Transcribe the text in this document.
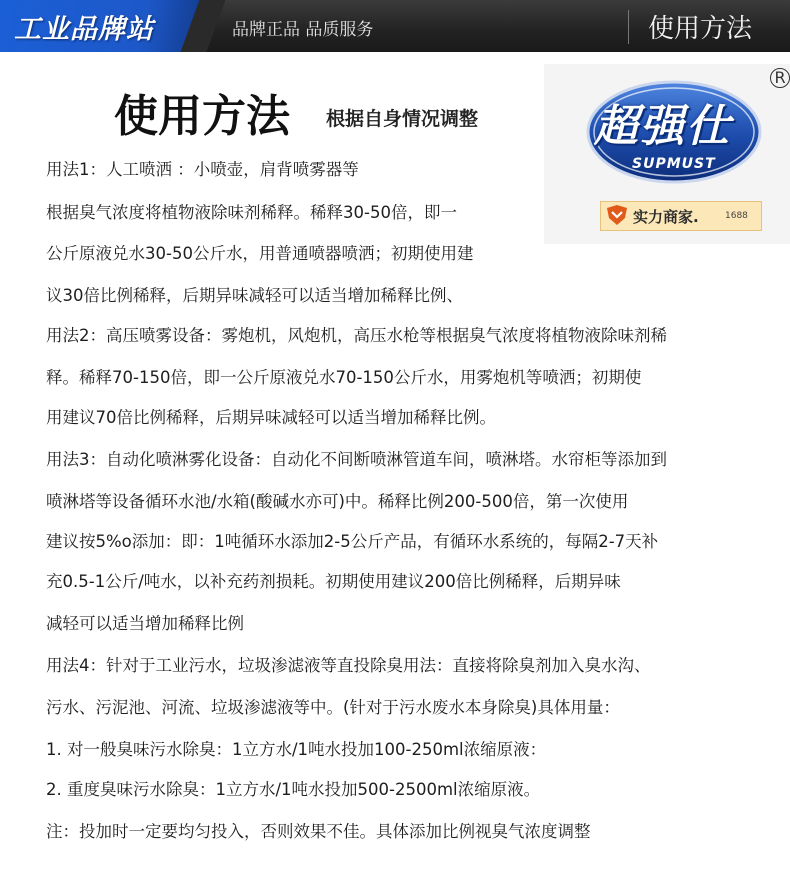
工业品牌站	品牌正品 品质服务	使用方法
超强仕
SUPMUST
R
实力商家.	1688
使用方法 根据自身情况调整
用法1：人工喷洒 ：小喷壶，肩背喷雾器等
根据臭气浓度将植物液除味剂稀释。稀释30-50倍，即一
公斤原液兑水30-50公斤水，用普通喷器喷洒；初期使用建
议30倍比例稀释，后期异味减轻可以适当增加稀释比例、
用法2：高压喷雾设备：雾炮机，风炮机，高压水枪等根据臭气浓度将植物液除味剂稀
释。稀释70-150倍，即一公斤原液兑水70-150公斤水，用雾炮机等喷洒；初期使
用建议70倍比例稀释，后期异味减轻可以适当增加稀释比例。
用法3：自动化喷淋雾化设备：自动化不间断喷淋管道车间，喷淋塔。水帘柜等添加到
喷淋塔等设备循环水池/水箱(酸碱水亦可)中。稀释比例200-500倍，第一次使用
建议按5%o添加：即：1吨循环水添加2-5公斤产品，有循环水系统的，每隔2-7天补
充0.5-1公斤/吨水，以补充药剂损耗。初期使用建议200倍比例稀释，后期异味
减轻可以适当增加稀释比例
用法4：针对于工业污水，垃圾渗滤液等直投除臭用法：直接将除臭剂加入臭水沟、
污水、污泥池、河流、垃圾渗滤液等中。(针对于污水废水本身除臭)具体用量：
1. 对一般臭味污水除臭：1立方水/1吨水投加100-250ml浓缩原液：
2. 重度臭味污水除臭：1立方水/1吨水投加500-2500ml浓缩原液。
注：投加时一定要均匀投入，否则效果不佳。具体添加比例视臭气浓度调整
